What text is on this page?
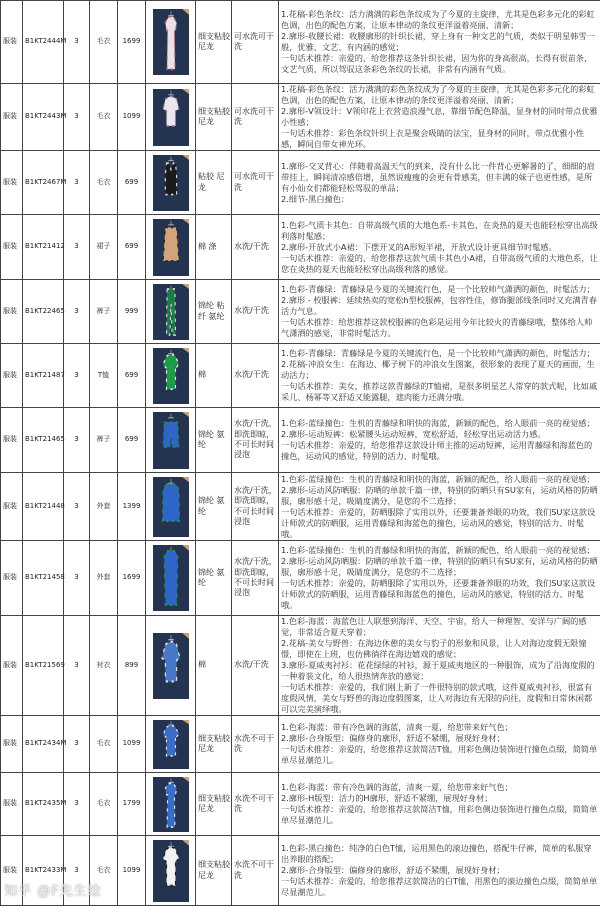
服装	B1KT2444M	3	毛衣	1699		细支粘胶尼龙	可水洗可干洗	1.花稿-彩色条纹：活力满满的彩色条纹成为了今夏的主旋律，尤其是色彩多元化的彩虹色调，出色的配色方案，让原本律动的条纹更洋溢着亮丽、清新；
2.廓形-收腰长裙：收腰廓形的针织长裙，穿上身有一种文艺的气质，类似于明星韩雪一般，优雅、文艺、有内涵的感觉；
一句话术推荐：亲爱的，给您推荐这条针织长裙，因为你的身高很高，长得有很苗条，文艺气质，所以驾驭这条彩色条纹的长裙，非常有内涵有气质。

服装	B1KT2443M	3	毛衣	1099		细支粘胶尼龙	可水洗可干洗	1.花稿-彩色条纹：活力满满的彩色条纹成为了今夏的主旋律，尤其是色彩多元化的彩虹色调，出色的配色方案，让原本律动的条纹更洋溢着亮丽、清新；
2.廓形-V领设计：V领印花上衣营造浪漫气息，靠细节配色降温，显身材的同时带点优雅小性感；
一句话术推荐：彩色条纹针织上衣是聚会吸睛的法宝，显身材的同时，带点优雅小性感，瞬间自带女神光环。

服装	B1KT2467M	3	毛衣	699		粘胶 尼龙	可水洗可干洗	1.廓形-交叉背心：伴随着高温天气的到来，没有什么比一件背心更解暑的了，细细的肩带挂上，瞬间清凉感倍增，虽然说瘦瘦的会更有骨感美，但丰满的妹子也更性感，是所有小仙女们都能轻松驾驭的单品；
2.细节-黑白撞色：

服装	B1KT21412	3	裙子	699		棉 涤	水洗/干洗	1.色彩-气质卡其色：自带高级气质的大地色系-卡其色，在炎热的夏天也能轻松穿出高级利落时髦感；
2.廓形-开放式小A裙：下摆开叉的A形短半裙，开放式设计更具细节时髦感。
一句话术推荐：亲爱的，给您推荐这款气质卡其色小A裙，自带高级气质的大地色系，让您在炎热的夏天也能轻松穿出高级利落的感觉。

服装	B1KT22465	3	裤子	999		锦纶 粘纤 氨纶	水洗/干洗	1.色彩-青藤绿：青藤绿是今夏的关键流行色，是一个比较帅气潇洒的颜色，时髦活力；
2.廓形 - 校服裤：延续热卖的宽松h型校服裤，包容性佳，修饰腿部线条同时又充满青春活力气息。
一句话术推荐：给您推荐这款校服裤的色彩是运用今年比较火的青藤绿哦，整体给人帅气潇洒的感觉，非常时髦活力。

服装	B1KT21487	3	T恤	699		棉	水洗/干洗	1.色彩-青藤绿：青藤绿是今夏的关键流行色，是一个比较帅气潇洒的颜色，时髦活力；
2.花稿-冲浪女生：在海边、椰子树下的冲浪女生图案，很形象的表现了夏天的画面，生动活力；
一句话术推荐：美女，推荐这款青藤绿的T恤裙，是很多明星艺人常穿的款式呢，比如戚采儿、杨幂等又舒适又能露腿，遮肉能力还满分哦。

服装	B1KT21465	3	裤子	699		锦纶 氨纶	水洗/干洗，即洗即晾，不可长时间浸泡	1.色彩-蓝绿撞色：生机的青藤绿和明快的海蓝，新颖的配色，给人眼前一亮的视觉感；
2.廓形-运动短裤：松紧腰头运动短裤，宽松舒适，轻松穿出运动活力感。
一句话术推荐：亲爱的，给您推荐这款设计师主推的运动短裤，运用青藤绿和海蓝色的撞色，运动风的感觉，特别的活力、时髦哦。

服装	B1KT21448	3	外套	1399		锦纶 氨纶	水洗/干洗，即洗即晾，不可长时间浸泡	1.色彩-蓝绿撞色：生机的青藤绿和明快的海蓝，新颖的配色，给人眼前一亮的视觉感；
2.廓形-运动风防晒服：防晒的单款千篇一律，特别的防晒只有SU家有，运动风格的防晒服，廓形感十足，吸睛度满分，是您的不二选择；
一句话术推荐：亲爱的，防晒服除了实用以外，还要兼备养眼的功效，我们SU家这款设计师款式的防晒服，运用青藤绿和海蓝色的撞色，运动风的感觉，特别的活力、时髦哦。

服装	B1KT21458	3	外套	1699		锦纶 氨纶	水洗/干洗，即洗即晾，不可长时间浸泡	1.色彩-蓝绿撞色：生机的青藤绿和明快的海蓝，新颖的配色，给人眼前一亮的视觉感；
2.廓形-运动风防晒服：防晒的单款千篇一律，特别的防晒只有SU家有，运动风格的防晒服，廓形感十足，吸睛度满分，是您的不二选择；
一句话术推荐：亲爱的，防晒服除了实用以外，还要兼备养眼的功效，我们SU家这款设计师款式的防晒服，运用青藤绿和海蓝色的撞色，运动风的感觉，特别的活力、时髦哦。

服装	B1KT21569	3	衬衣	899		棉	水洗/干洗	1.色彩-海蓝：海蓝色让人联想到海洋、天空、宇宙，给人一种理智、安详与广阔的感觉，非常适合夏天穿着；
2.花稿-美女与野兽：在海边休憩的美女与豹子的形象和风景，让人对海边度假无限憧憬，即使在上班，也仿佛徜徉在海边嬉戏的感觉；
3.廓形-夏威夷衬衫：花花绿绿的衬衫，源于夏威夷地区的一种服饰，成为了沿海度假的一种着装文化，给人很热情奔放的感觉；
一句话术推荐：亲爱的，我们刚上新了一件很特别的款式哦，这件夏威夷衬衫，很富有度假风情，美女与野兽的海边度假图案，让人对海边有无限的向往，度假和日常休闲都可以完美演绎哦。

服装	B1KT2434M	3	毛衣	1099		细支粘胶尼龙	水洗不可干洗	1.色彩-海蓝：带有冷色调的海蓝，清爽一夏，给您带来好气色；
2.廓形-合身版型：偏修身的廓形，舒适不紧绷，展现好身材；
一句话术推荐：亲爱的，给您推荐这款简洁T恤，用彩色侧边装饰进行撞色点缀，简简单单尽显潮范儿。

服装	B1KT2435M	3	毛衣	1799		细支粘胶尼龙	水洗不可干洗	1.色彩-海蓝：带有冷色调的海蓝，清爽一夏，给您带来好气色；
2.廓形-H版型：活力的H廓形，舒适不紧绷，展现好身材；
一句话术推荐：亲爱的，给您推荐这款简洁T恤，用彩色侧边装饰进行撞色点缀，简简单单尽显潮范儿。

服装	B1KT2433M	3	毛衣	1099		细支粘胶尼龙	水洗不可干洗	1.色彩-黑白撞色：纯净的白色T恤，运用黑色的滚边撞色，搭配牛仔裤，简单的私服穿出养眼的搭配；
2.廓形-合身版型：偏修身的廓形，舒适不紧绷，展现好身材；
一句话术推荐：亲爱的，给您推荐这款简洁的白T恤，用黑色的滚边撞色点缀，简简单单尽显潮范儿。
知乎 @F先生绘
